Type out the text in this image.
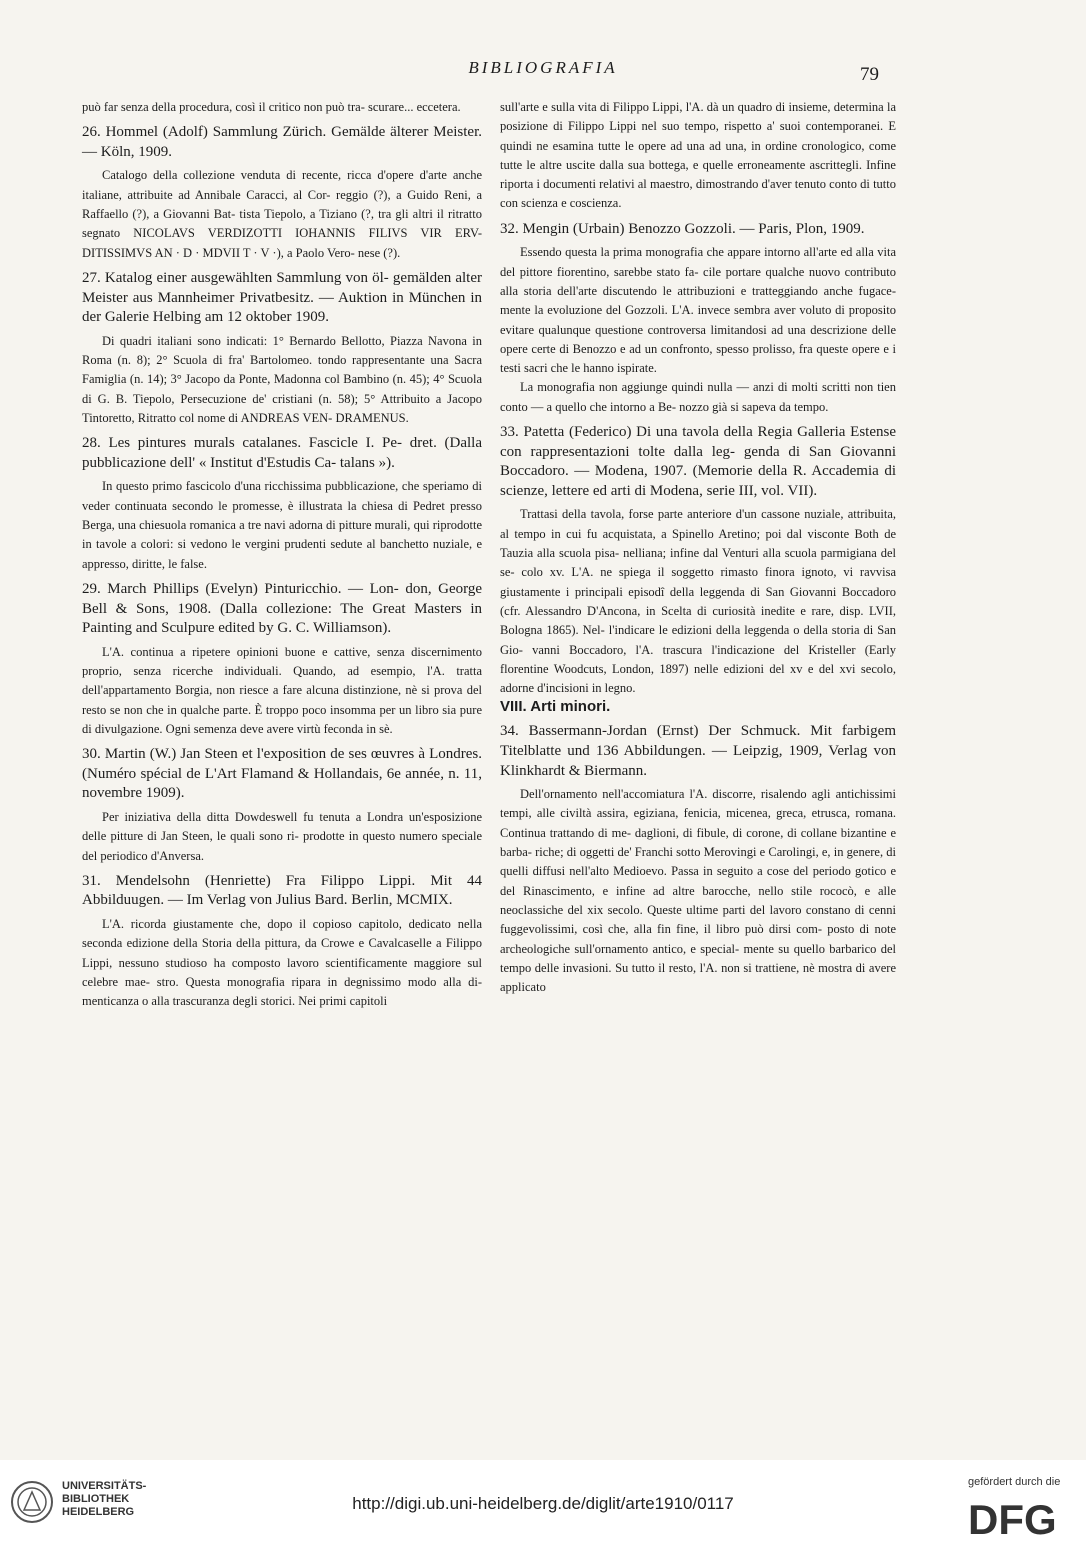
BIBLIOGRAFIA	79

può far senza della procedura, così il critico non può tra- scurare... eccetera.

26. Hommel (Adolf) Sammlung Zürich. Gemälde älterer Meister. — Köln, 1909.

Catalogo della collezione venduta di recente, ricca d'opere d'arte anche italiane, attribuite ad Annibale Caracci, al Cor- reggio (?), a Guido Reni, a Raffaello (?), a Giovanni Bat- tista Tiepolo, a Tiziano (?, tra gli altri il ritratto segnato NICOLAVS VERDIZOTTI IOHANNIS FILIVS VIR ERV- DITISSIMVS AN · D · MDVII T · V ·), a Paolo Vero- nese (?).

27. Katalog einer ausgewählten Sammlung von öl- gemälden alter Meister aus Mannheimer Privatbesitz. — Auktion in München in der Galerie Helbing am 12 oktober 1909.

Di quadri italiani sono indicati: 1° Bernardo Bellotto, Piazza Navona in Roma (n. 8); 2° Scuola di fra' Bartolomeo. tondo rappresentante una Sacra Famiglia (n. 14); 3° Jacopo da Ponte, Madonna col Bambino (n. 45); 4° Scuola di G. B. Tiepolo, Persecuzione de' cristiani (n. 58); 5° Attribuito a Jacopo Tintoretto, Ritratto col nome di ANDREAS VEN- DRAMENUS.

28. Les pintures murals catalanes. Fascicle I. Pe- dret. (Dalla pubblicazione dell' « Institut d'Estudis Ca- talans »).

In questo primo fascicolo d'una ricchissima pubblicazione, che speriamo di veder continuata secondo le promesse, è illustrata la chiesa di Pedret presso Berga, una chiesuola romanica a tre navi adorna di pitture murali, qui riprodotte in tavole a colori: si vedono le vergini prudenti sedute al banchetto nuziale, e appresso, diritte, le false.

29. March Phillips (Evelyn) Pinturicchio. — Lon- don, George Bell & Sons, 1908. (Dalla collezione: The Great Masters in Painting and Sculpure edited by G. C. Williamson).

L'A. continua a ripetere opinioni buone e cattive, senza discernimento proprio, senza ricerche individuali. Quando, ad esempio, l'A. tratta dell'appartamento Borgia, non riesce a fare alcuna distinzione, nè si prova del resto se non che in qualche parte. È troppo poco insomma per un libro sia pure di divulgazione. Ogni semenza deve avere virtù feconda in sè.

30. Martin (W.) Jan Steen et l'exposition de ses œuvres à Londres. (Numéro spécial de L'Art Flamand & Hollandais, 6e année, n. 11, novembre 1909).

Per iniziativa della ditta Dowdeswell fu tenuta a Londra un'esposizione delle pitture di Jan Steen, le quali sono ri- prodotte in questo numero speciale del periodico d'Anversa.

31. Mendelsohn (Henriette) Fra Filippo Lippi. Mit 44 Abbilduugen. — Im Verlag von Julius Bard. Berlin, MCMIX.

L'A. ricorda giustamente che, dopo il copioso capitolo, dedicato nella seconda edizione della Storia della pittura, da Crowe e Cavalcaselle a Filippo Lippi, nessuno studioso ha composto lavoro scientificamente maggiore sul celebre mae- stro. Questa monografia ripara in degnissimo modo alla di- menticanza o alla trascuranza degli storici. Nei primi capitoli

sull'arte e sulla vita di Filippo Lippi, l'A. dà un quadro di insieme, determina la posizione di Filippo Lippi nel suo tempo, rispetto a' suoi contemporanei. E quindi ne esamina tutte le opere ad una ad una, in ordine cronologico, come tutte le altre uscite dalla sua bottega, e quelle erroneamente ascrittegli. Infine riporta i documenti relativi al maestro, dimostrando d'aver tenuto conto di tutto con scienza e coscienza.

32. Mengin (Urbain) Benozzo Gozzoli. — Paris, Plon, 1909.

Essendo questa la prima monografia che appare intorno all'arte ed alla vita del pittore fiorentino, sarebbe stato fa- cile portare qualche nuovo contributo alla storia dell'arte discutendo le attribuzioni e tratteggiando anche fugace- mente la evoluzione del Gozzoli. L'A. invece sembra aver voluto di proposito evitare qualunque questione controversa limitandosi ad una descrizione delle opere certe di Benozzo e ad un confronto, spesso prolisso, fra queste opere e i testi sacri che le hanno ispirate.

La monografia non aggiunge quindi nulla — anzi di molti scritti non tien conto — a quello che intorno a Be- nozzo già si sapeva da tempo.

33. Patetta (Federico) Di una tavola della Regia Galleria Estense con rappresentazioni tolte dalla leg- genda di San Giovanni Boccadoro. — Modena, 1907. (Memorie della R. Accademia di scienze, lettere ed arti di Modena, serie III, vol. VII).

Trattasi della tavola, forse parte anteriore d'un cassone nuziale, attribuita, al tempo in cui fu acquistata, a Spinello Aretino; poi dal visconte Both de Tauzia alla scuola pisa- nelliana; infine dal Venturi alla scuola parmigiana del se- colo xv. L'A. ne spiega il soggetto rimasto finora ignoto, vi ravvisa giustamente i principali episodî della leggenda di San Giovanni Boccadoro (cfr. Alessandro D'Ancona, in Scelta di curiosità inedite e rare, disp. LVII, Bologna 1865). Nel- l'indicare le edizioni della leggenda o della storia di San Gio- vanni Boccadoro, l'A. trascura l'indicazione del Kristeller (Early florentine Woodcuts, London, 1897) nelle edizioni del xv e del xvi secolo, adorne d'incisioni in legno.

VIII. Arti minori.

34. Bassermann-Jordan (Ernst) Der Schmuck. Mit farbigem Titelblatte und 136 Abbildungen. — Leipzig, 1909, Verlag von Klinkhardt & Biermann.

Dell'ornamento nell'accomiatura l'A. discorre, risalendo agli antichissimi tempi, alle civiltà assira, egiziana, fenicia, micenea, greca, etrusca, romana. Continua trattando di me- daglioni, di fibule, di corone, di collane bizantine e barba- riche; di oggetti de' Franchi sotto Merovingi e Carolingi, e, in genere, di quelli diffusi nell'alto Medioevo. Passa in seguito a cose del periodo gotico e del Rinascimento, e infine ad altre barocche, nello stile rococò, e alle neoclassiche del xix secolo. Queste ultime parti del lavoro constano di cenni fuggevolissimi, così che, alla fin fine, il libro può dirsi com- posto di note archeologiche sull'ornamento antico, e special- mente su quello barbarico del tempo delle invasioni. Su tutto il resto, l'A. non si trattiene, nè mostra di avere applicato

UNIVERSITÄTS-
BIBLIOTHEK
HEIDELBERG	http://digi.ub.uni-heidelberg.de/diglit/arte1910/0117
gefördert durch die
DFG
